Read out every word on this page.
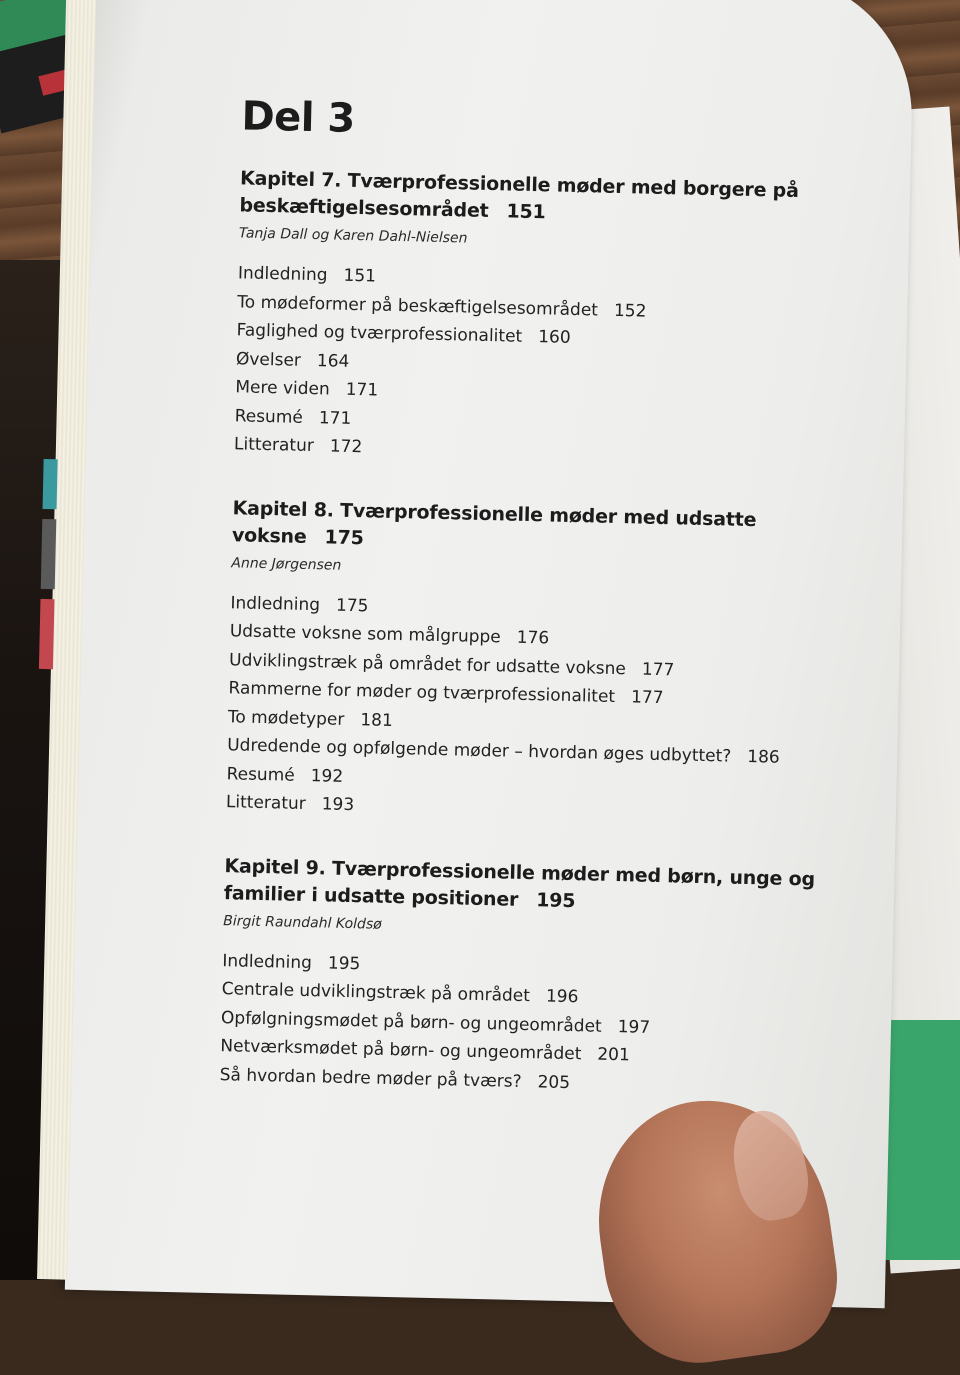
Del 3

Kapitel 7. Tværprofessionelle møder med borgere på
beskæftigelsesområdet 151

Tanja Dall og Karen Dahl-Nielsen

Indledning 151
To mødeformer på beskæftigelsesområdet 152
Faglighed og tværprofessionalitet 160
Øvelser 164
Mere viden 171
Resumé 171
Litteratur 172

Kapitel 8. Tværprofessionelle møder med udsatte voksne 175

Anne Jørgensen

Indledning 175
Udsatte voksne som målgruppe 176
Udviklingstræk på området for udsatte voksne 177
Rammerne for møder og tværprofessionalitet 177
To mødetyper 181
Udredende og opfølgende møder – hvordan øges udbyttet? 186
Resumé 192
Litteratur 193

Kapitel 9. Tværprofessionelle møder med børn, unge og
familier i udsatte positioner 195

Birgit Raundahl Koldsø

Indledning 195
Centrale udviklingstræk på området 196
Opfølgningsmødet på børn- og ungeområdet 197
Netværksmødet på børn- og ungeområdet 201
Så hvordan bedre møder på tværs? 205
